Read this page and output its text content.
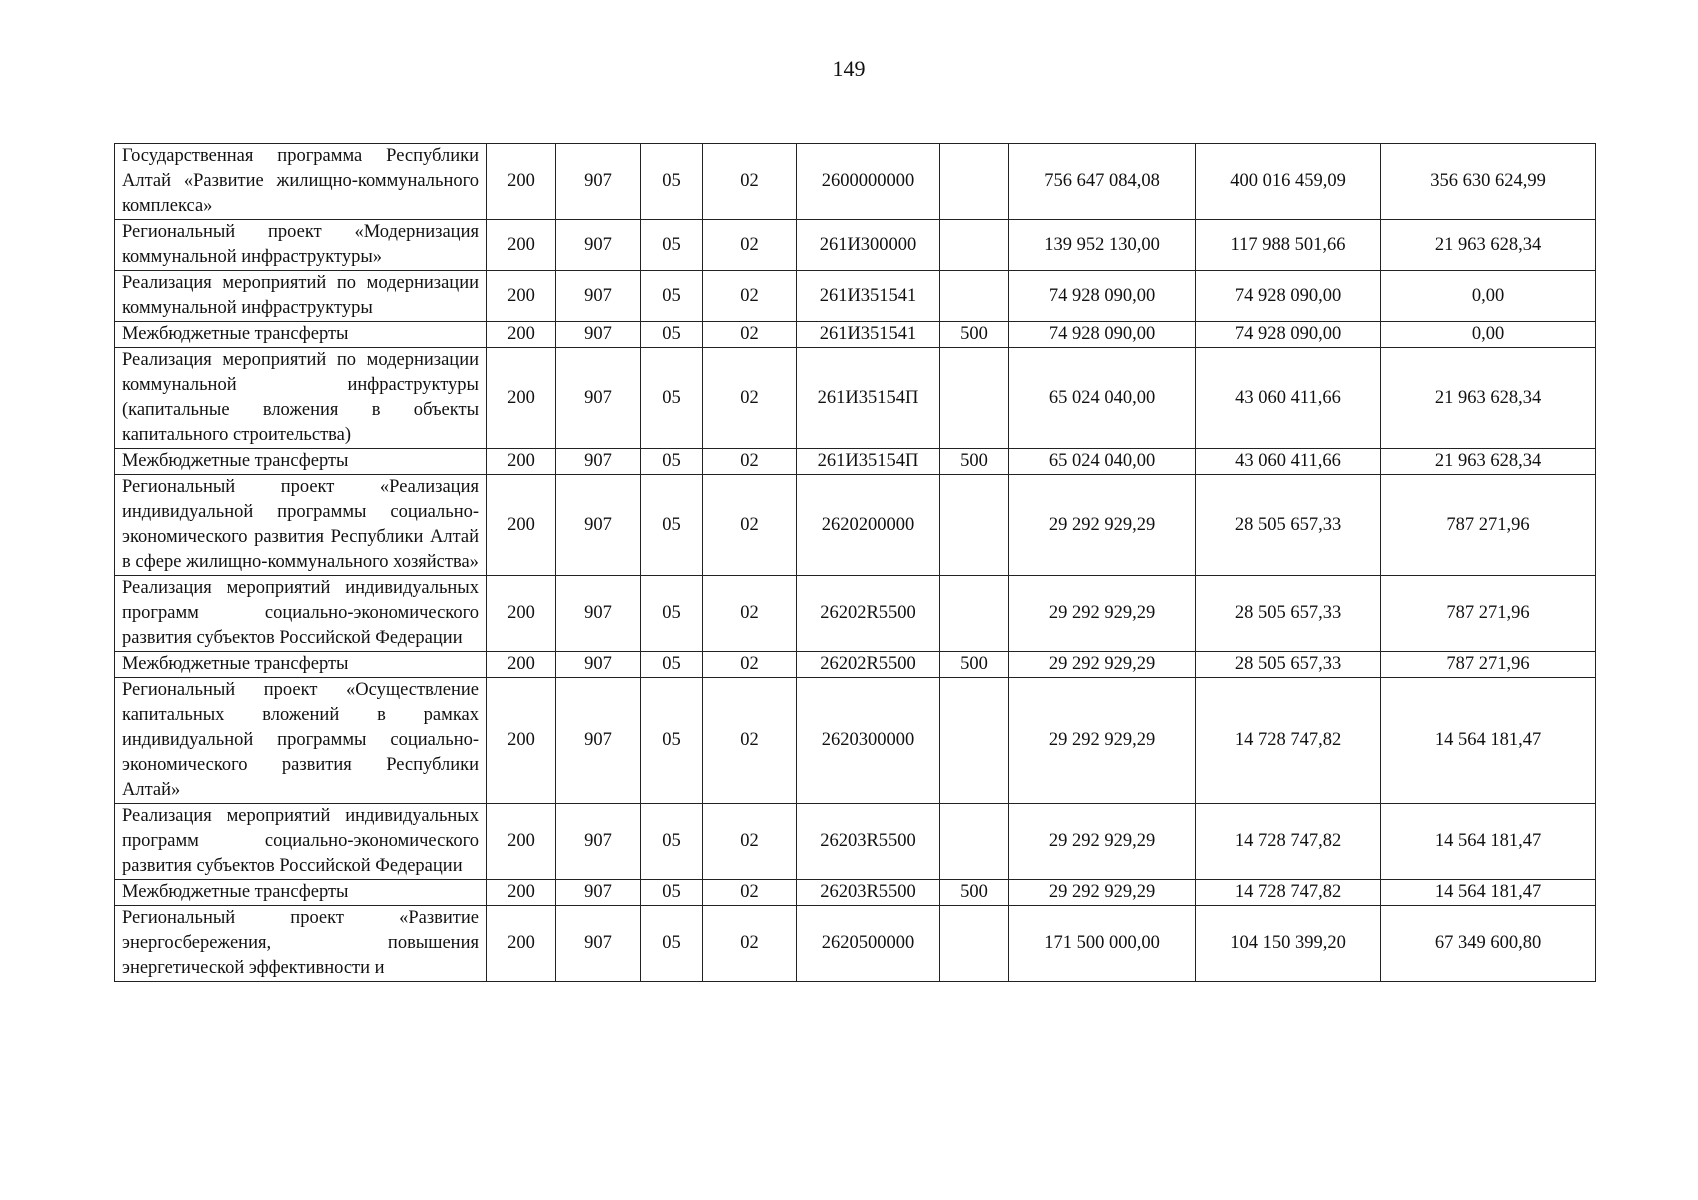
149
Государственная программа Республики Алтай «Развитие жилищно-коммунального комплекса»	200	907	05	02	2600000000		756 647 084,08	400 016 459,09	356 630 624,99
Региональный проект «Модернизация коммунальной инфраструктуры»	200	907	05	02	261И300000		139 952 130,00	117 988 501,66	21 963 628,34
Реализация мероприятий по модернизации коммунальной инфраструктуры	200	907	05	02	261И351541		74 928 090,00	74 928 090,00	0,00
Межбюджетные трансферты	200	907	05	02	261И351541	500	74 928 090,00	74 928 090,00	0,00
Реализация мероприятий по модернизации коммунальной инфраструктуры (капитальные вложения в объекты капитального строительства)	200	907	05	02	261И35154П		65 024 040,00	43 060 411,66	21 963 628,34
Межбюджетные трансферты	200	907	05	02	261И35154П	500	65 024 040,00	43 060 411,66	21 963 628,34
Региональный проект «Реализация индивидуальной программы социально-экономического развития Республики Алтай в сфере жилищно-коммунального хозяйства»	200	907	05	02	2620200000		29 292 929,29	28 505 657,33	787 271,96
Реализация мероприятий индивидуальных программ социально-экономического развития субъектов Российской Федерации	200	907	05	02	26202R5500		29 292 929,29	28 505 657,33	787 271,96
Межбюджетные трансферты	200	907	05	02	26202R5500	500	29 292 929,29	28 505 657,33	787 271,96
Региональный проект «Осуществление капитальных вложений в рамках индивидуальной программы социально-экономического развития Республики Алтай»	200	907	05	02	2620300000		29 292 929,29	14 728 747,82	14 564 181,47
Реализация мероприятий индивидуальных программ социально-экономического развития субъектов Российской Федерации	200	907	05	02	26203R5500		29 292 929,29	14 728 747,82	14 564 181,47
Межбюджетные трансферты	200	907	05	02	26203R5500	500	29 292 929,29	14 728 747,82	14 564 181,47
Региональный проект «Развитие энергосбережения, повышения энергетической эффективности и	200	907	05	02	2620500000		171 500 000,00	104 150 399,20	67 349 600,80
